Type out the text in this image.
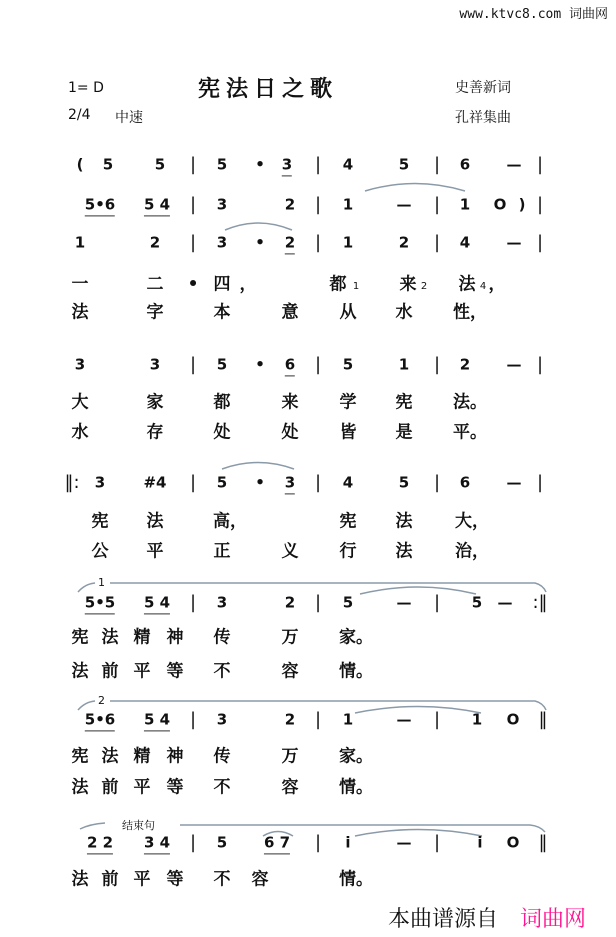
www.ktvc8.com 词曲网
1= D	宪法日之歌	史善新词
2/4 中速	孔祥集曲
1
2
结束句
( 5	5 | 5 • 3 | 4	5 | 6 — |
5•6 5 4 | 3	2 | 1	— | 1 O ) |
1	2 | 3 • 2 | 1	2 | 4 — |
一	二 • 四 ，	都 1 来 2 法 4 ，
法	字	本	意 从 水 性，
3	3 | 5 • 6 | 5	1 | 2 — |
大	家	都	来 学 宪 法。
水	存	处	处 皆 是 平。
‖: 3	#4 | 5 • 3 | 4	5 | 6 — |
宪 法	高，	宪 法	大，
公 平	正	义 行 法	治，
5•5 5 4 | 3	2 | 5	— | 5 — :‖
宪 法 精 神 传	万 家。
法 前 平 等 不	容 情。
5•6 5 4 | 3	2 | 1	— | 1 O ‖
宪 法 精 神 传	万 家。
法 前 平 等 不	容 情。
2 2 3 4 | 5 6 7 | i	— | i O ‖
法 前 平 等 不 容	情。
本曲谱源自 词曲网
